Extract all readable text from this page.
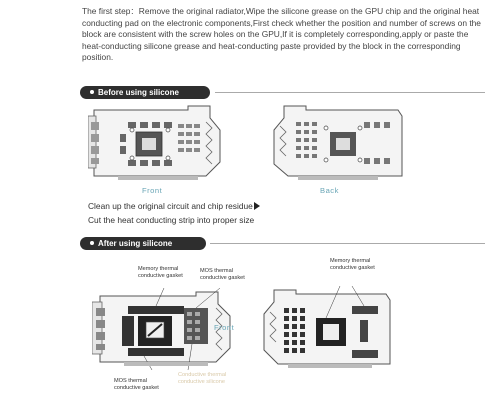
The first step：Remove the original radiator,Wipe the silicone grease on the GPU chip and the original heat conducting pad on the electronic components,First check whether the position and number of screws on the block are consistent with the screw holes on the GPU,If it is completely corresponding,apply or paste the heat-conducting silicone grease and heat-conducting paste provided by the block in the corresponding position.
Before using silicone grease
Front	Back
Clean up the original circuit and chip residue
Cut the heat conducting strip into proper size
After using silicone grease
Memory thermal conductive gasket
MOS thermal conductive gasket
Memory thermal conductive gasket
Front
MOS thermal conductive gasket
Conductive thermal conductive silicone
